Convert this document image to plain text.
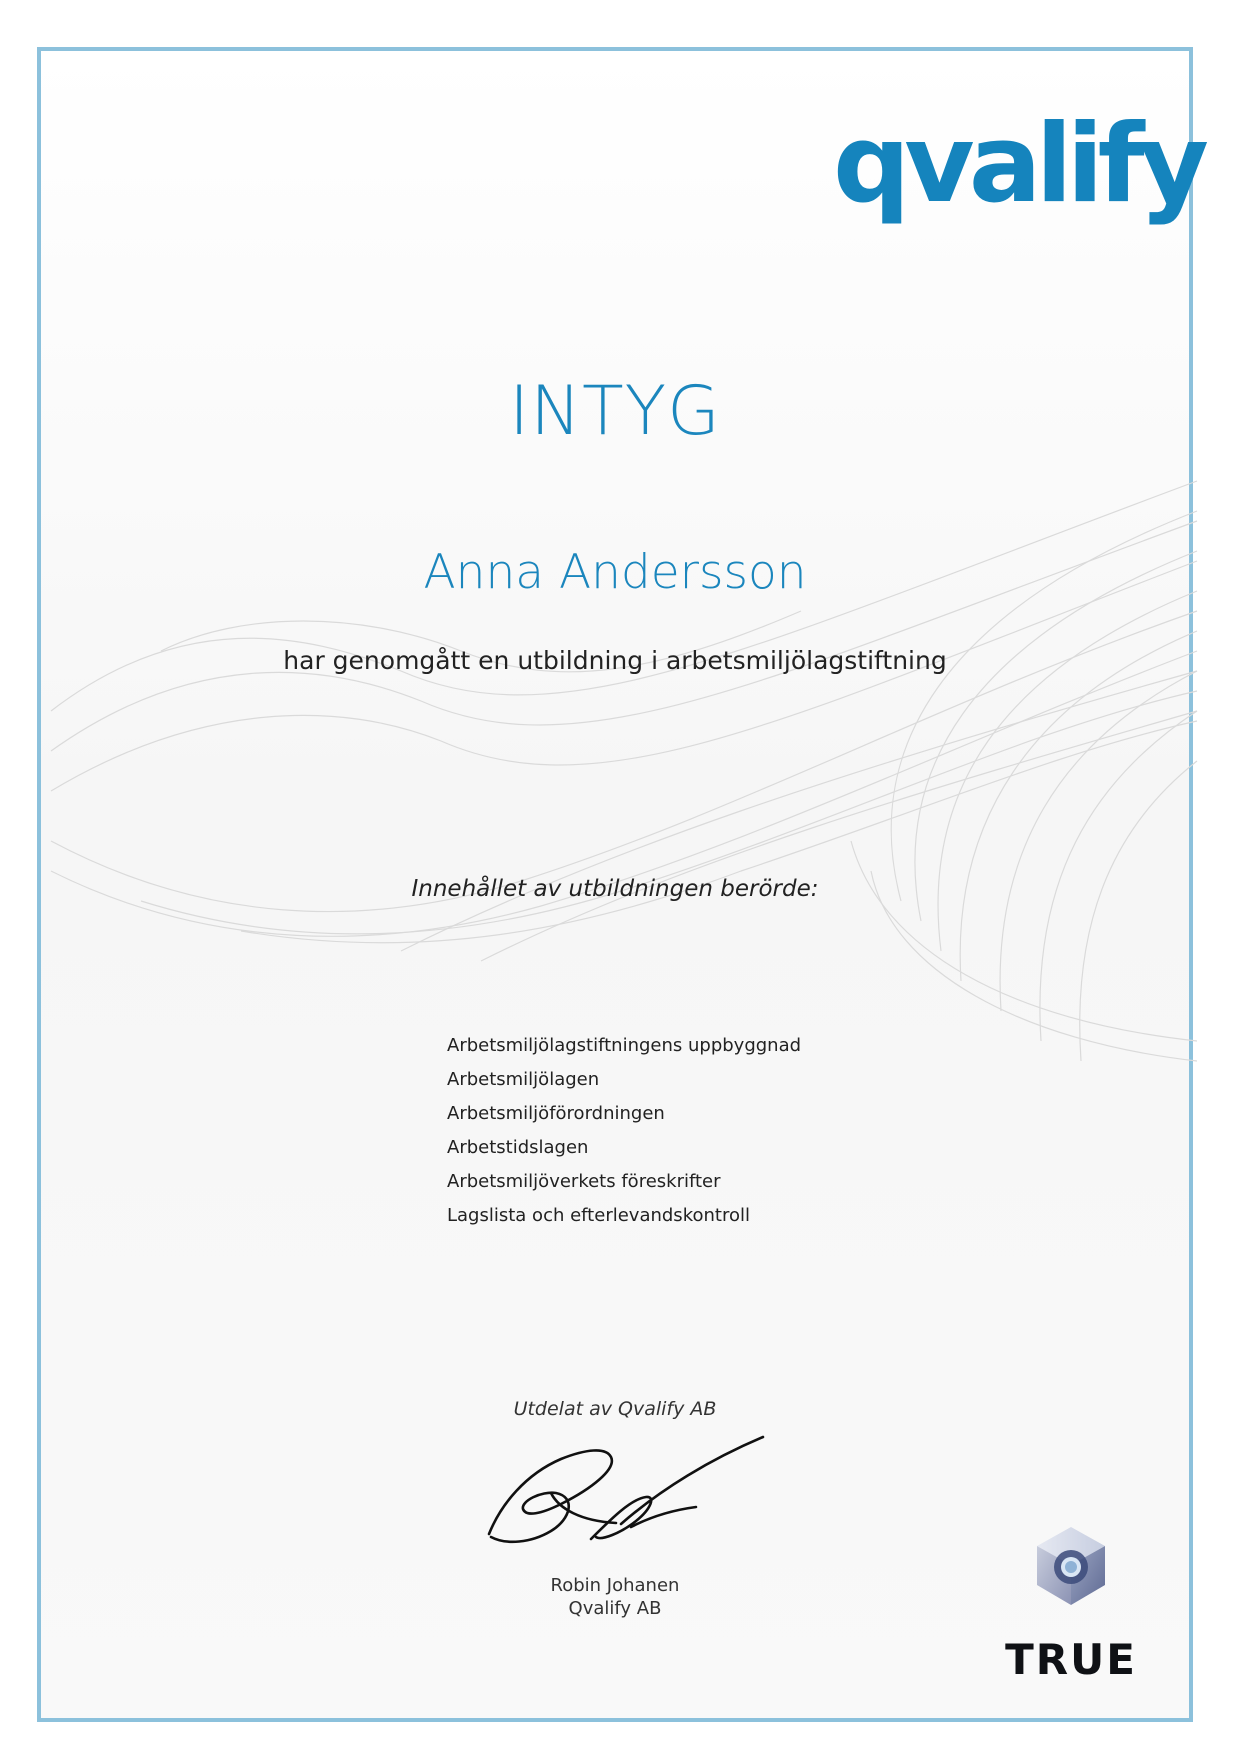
qvalify
INTYG
Anna Andersson
har genomgått en utbildning i arbetsmiljölagstiftning
Innehållet av utbildningen berörde:
Arbetsmiljölagstiftningens uppbyggnad
Arbetsmiljölagen
Arbetsmiljöförordningen
Arbetstidslagen
Arbetsmiljöverkets föreskrifter
Lagslista och efterlevandskontroll
Utdelat av Qvalify AB
Robin Johanen
Qvalify AB
TRUE
